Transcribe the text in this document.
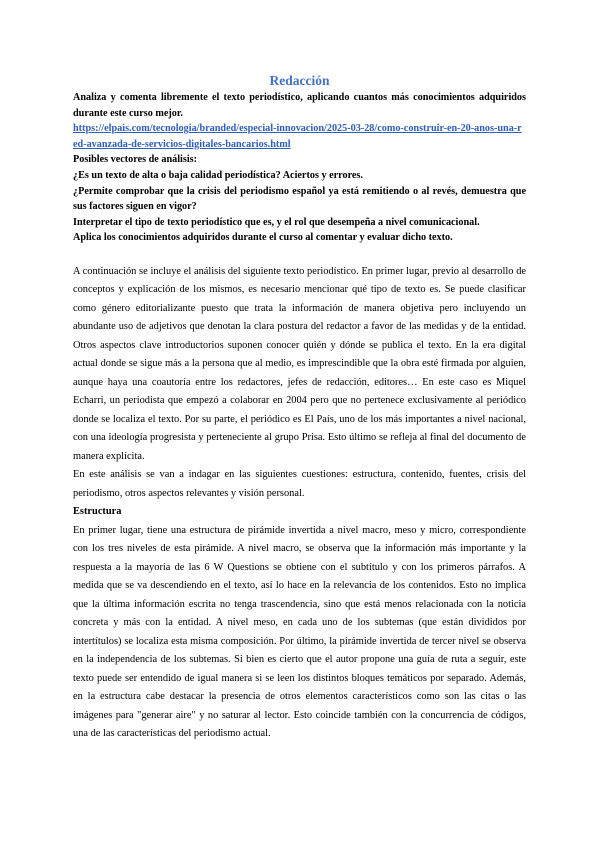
Redacción

Analiza y comenta libremente el texto periodístico, aplicando cuantos más conocimientos adquiridos durante este curso mejor.

https://elpais.com/tecnologia/branded/especial-innovacion/2025-03-28/como-construir-en-20-anos-una-red-avanzada-de-servicios-digitales-bancarios.html

Posibles vectores de análisis:

¿Es un texto de alta o baja calidad periodística? Aciertos y errores.

¿Permite comprobar que la crisis del periodismo español ya está remitiendo o al revés, demuestra que sus factores siguen en vigor?

Interpretar el tipo de texto periodístico que es, y el rol que desempeña a nivel comunicacional.

Aplica los conocimientos adquiridos durante el curso al comentar y evaluar dicho texto.

A continuación se incluye el análisis del siguiente texto periodístico. En primer lugar, previo al desarrollo de conceptos y explicación de los mismos, es necesario mencionar qué tipo de texto es. Se puede clasificar como género editorializante puesto que trata la información de manera objetiva pero incluyendo un abundante uso de adjetivos que denotan la clara postura del redactor a favor de las medidas y de la entidad. Otros aspectos clave introductorios suponen conocer quién y dónde se publica el texto. En la era digital actual donde se sigue más a la persona que al medio, es imprescindible que la obra esté firmada por alguien, aunque haya una coautoría entre los redactores, jefes de redacción, editores… En este caso es Miquel Echarri, un periodista que empezó a colaborar en 2004 pero que no pertenece exclusivamente al periódico donde se localiza el texto. Por su parte, el periódico es El País, uno de los más importantes a nivel nacional, con una ideología progresista y perteneciente al grupo Prisa. Esto último se refleja al final del documento de manera explícita.

En este análisis se van a indagar en las siguientes cuestiones: estructura, contenido, fuentes, crisis del periodismo, otros aspectos relevantes y visión personal.

Estructura

En primer lugar, tiene una estructura de pirámide invertida a nivel macro, meso y micro, correspondiente con los tres niveles de esta pirámide. A nivel macro, se observa que la información más importante y la respuesta a la mayoría de las 6 W Questions se obtiene con el subtítulo y con los primeros párrafos. A medida que se va descendiendo en el texto, así lo hace en la relevancia de los contenidos. Esto no implica que la última información escrita no tenga trascendencia, sino que está menos relacionada con la noticia concreta y más con la entidad. A nivel meso, en cada uno de los subtemas (que están divididos por intertítulos) se localiza esta misma composición. Por último, la pirámide invertida de tercer nivel se observa en la independencia de los subtemas. Si bien es cierto que el autor propone una guía de ruta a seguir, este texto puede ser entendido de igual manera si se leen los distintos bloques temáticos por separado. Además, en la estructura cabe destacar la presencia de otros elementos característicos como son las citas o las imágenes para "generar aire" y no saturar al lector. Esto coincide también con la concurrencia de códigos, una de las características del periodismo actual.
